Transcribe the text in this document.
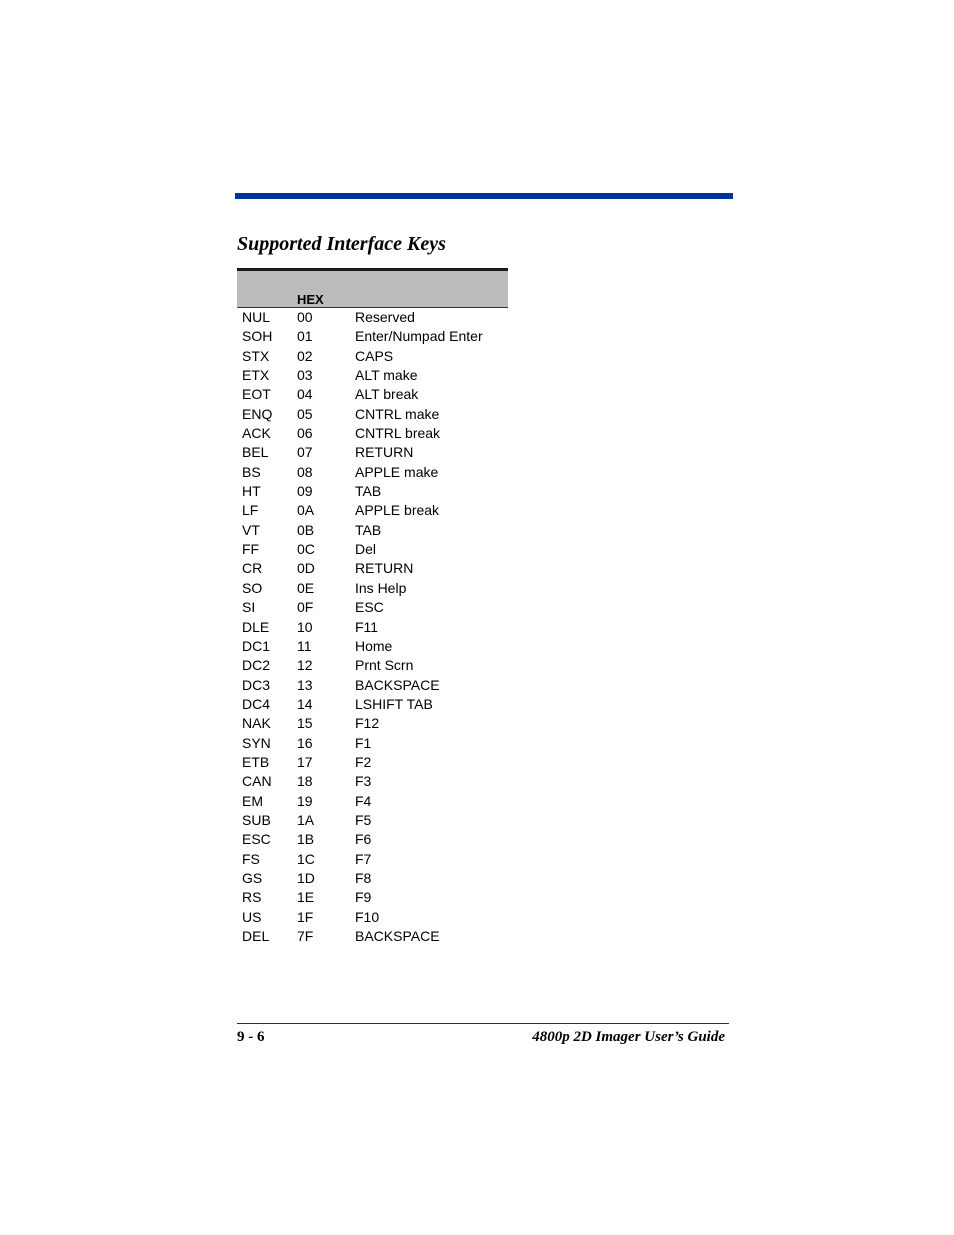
Supported Interface Keys
HEX
NUL 00	Reserved
SOH 01	Enter/Numpad Enter
STX 02	CAPS
ETX 03	ALT make
EOT 04	ALT break
ENQ 05	CNTRL make
ACK 06	CNTRL break
BEL 07	RETURN
BS	08	APPLE make
HT	09	TAB
LF	0A	APPLE break
VT	0B	TAB
FF	0C	Del
CR 0D	RETURN
SO 0E	Ins Help
SI	0F	ESC
DLE 10	F11
DC1 11	Home
DC2 12	Prnt Scrn
DC3 13	BACKSPACE
DC4 14	LSHIFT TAB
NAK 15	F12
SYN 16	F1
ETB 17	F2
CAN 18	F3
EM 19	F4
SUB 1A	F5
ESC 1B	F6
FS	1C	F7
GS 1D	F8
RS	1E	F9
US	1F	F10
DEL 7F	BACKSPACE
9 - 6	4800p 2D Imager User’s Guide
